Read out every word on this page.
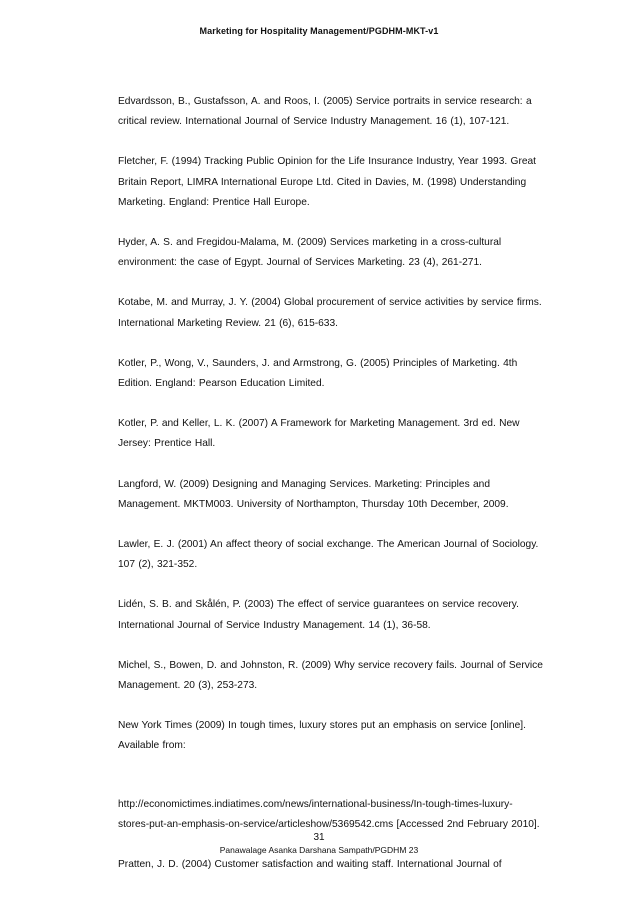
Marketing for Hospitality Management/PGDHM-MKT-v1

Edvardsson, B., Gustafsson, A. and Roos, I. (2005) Service portraits in service research: a
critical review. International Journal of Service Industry Management. 16 (1), 107-121.

Fletcher, F. (1994) Tracking Public Opinion for the Life Insurance Industry, Year 1993. Great
Britain Report, LIMRA International Europe Ltd. Cited in Davies, M. (1998) Understanding
Marketing. England: Prentice Hall Europe.

Hyder, A. S. and Fregidou-Malama, M. (2009) Services marketing in a cross-cultural
environment: the case of Egypt. Journal of Services Marketing. 23 (4), 261-271.

Kotabe, M. and Murray, J. Y. (2004) Global procurement of service activities by service firms.
International Marketing Review. 21 (6), 615-633.

Kotler, P., Wong, V., Saunders, J. and Armstrong, G. (2005) Principles of Marketing. 4th
Edition. England: Pearson Education Limited.

Kotler, P. and Keller, L. K. (2007) A Framework for Marketing Management. 3rd ed. New
Jersey: Prentice Hall.

Langford, W. (2009) Designing and Managing Services. Marketing: Principles and
Management. MKTM003. University of Northampton, Thursday 10th December, 2009.

Lawler, E. J. (2001) An affect theory of social exchange. The American Journal of Sociology.
107 (2), 321-352.

Lidén, S. B. and Skålén, P. (2003) The effect of service guarantees on service recovery.
International Journal of Service Industry Management. 14 (1), 36-58.

Michel, S., Bowen, D. and Johnston, R. (2009) Why service recovery fails. Journal of Service
Management. 20 (3), 253-273.

New York Times (2009) In tough times, luxury stores put an emphasis on service [online].
Available from:

http://economictimes.indiatimes.com/news/international-business/In-tough-times-luxury-
stores-put-an-emphasis-on-service/articleshow/5369542.cms [Accessed 2nd February 2010].

Pratten, J. D. (2004) Customer satisfaction and waiting staff. International Journal of

31
Panawalage Asanka Darshana Sampath/PGDHM 23
